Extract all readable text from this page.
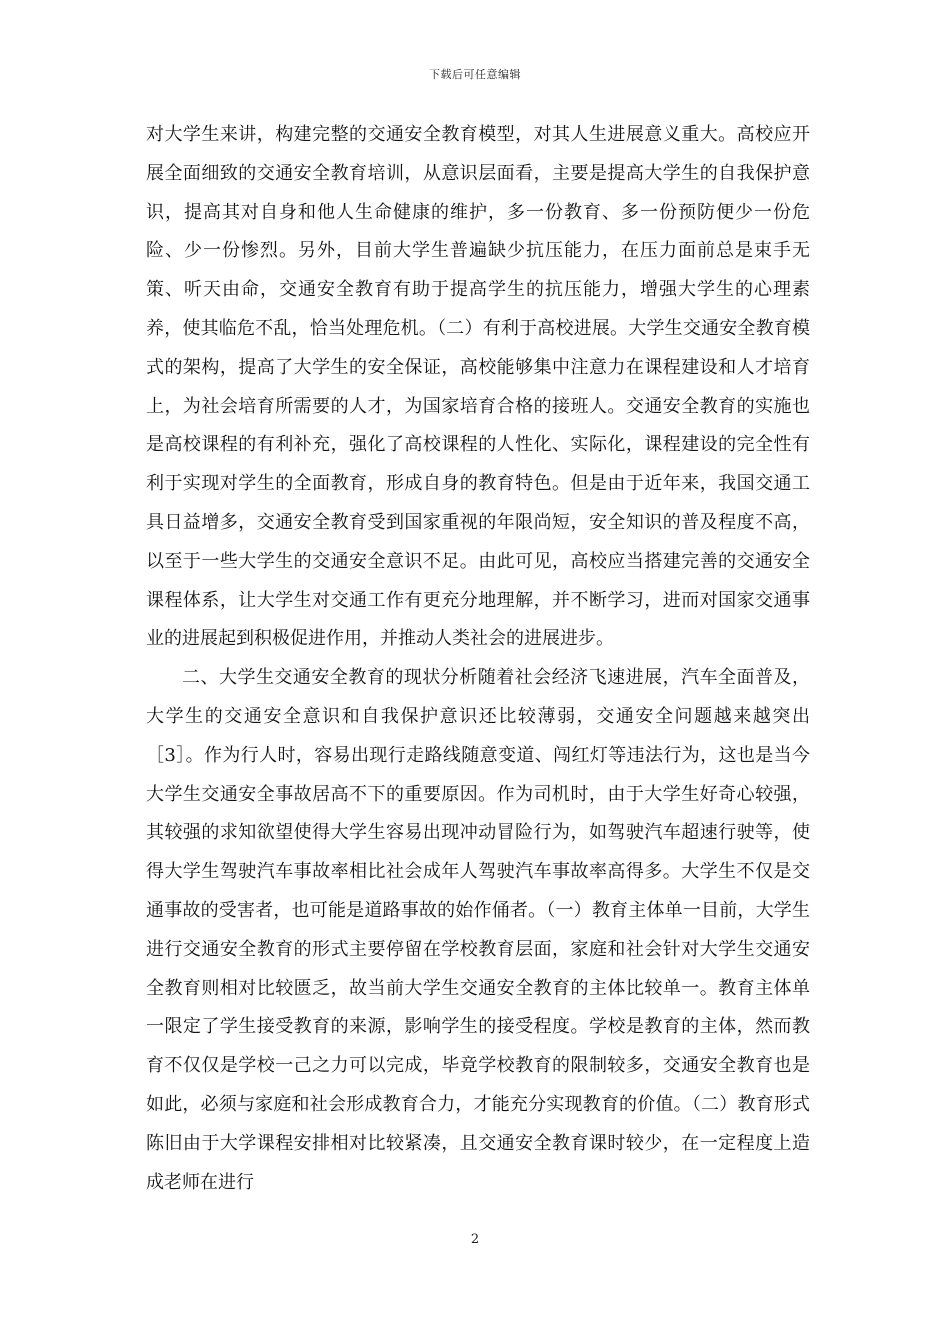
下载后可任意编辑

对大学生来讲，构建完整的交通安全教育模型，对其人生进展意义重大。高校应开展全面细致的交通安全教育培训，从意识层面看，主要是提高大学生的自我保护意识，提高其对自身和他人生命健康的维护，多一份教育、多一份预防便少一份危险、少一份惨烈。另外，目前大学生普遍缺少抗压能力，在压力面前总是束手无策、听天由命，交通安全教育有助于提高学生的抗压能力，增强大学生的心理素养，使其临危不乱，恰当处理危机。（二）有利于高校进展。大学生交通安全教育模式的架构，提高了大学生的安全保证，高校能够集中注意力在课程建设和人才培育上，为社会培育所需要的人才，为国家培育合格的接班人。交通安全教育的实施也是高校课程的有利补充，强化了高校课程的人性化、实际化，课程建设的完全性有利于实现对学生的全面教育，形成自身的教育特色。但是由于近年来，我国交通工具日益增多，交通安全教育受到国家重视的年限尚短，安全知识的普及程度不高，以至于一些大学生的交通安全意识不足。由此可见，高校应当搭建完善的交通安全课程体系，让大学生对交通工作有更充分地理解，并不断学习，进而对国家交通事业的进展起到积极促进作用，并推动人类社会的进展进步。

二、大学生交通安全教育的现状分析随着社会经济飞速进展，汽车全面普及，大学生的交通安全意识和自我保护意识还比较薄弱，交通安全问题越来越突出［3］。作为行人时，容易出现行走路线随意变道、闯红灯等违法行为，这也是当今大学生交通安全事故居高不下的重要原因。作为司机时，由于大学生好奇心较强，其较强的求知欲望使得大学生容易出现冲动冒险行为，如驾驶汽车超速行驶等，使得大学生驾驶汽车事故率相比社会成年人驾驶汽车事故率高得多。大学生不仅是交通事故的受害者，也可能是道路事故的始作俑者。（一）教育主体单一目前，大学生进行交通安全教育的形式主要停留在学校教育层面，家庭和社会针对大学生交通安全教育则相对比较匮乏，故当前大学生交通安全教育的主体比较单一。教育主体单一限定了学生接受教育的来源，影响学生的接受程度。学校是教育的主体，然而教育不仅仅是学校一己之力可以完成，毕竟学校教育的限制较多，交通安全教育也是如此，必须与家庭和社会形成教育合力，才能充分实现教育的价值。（二）教育形式陈旧由于大学课程安排相对比较紧凑，且交通安全教育课时较少，在一定程度上造成老师在进行

2
